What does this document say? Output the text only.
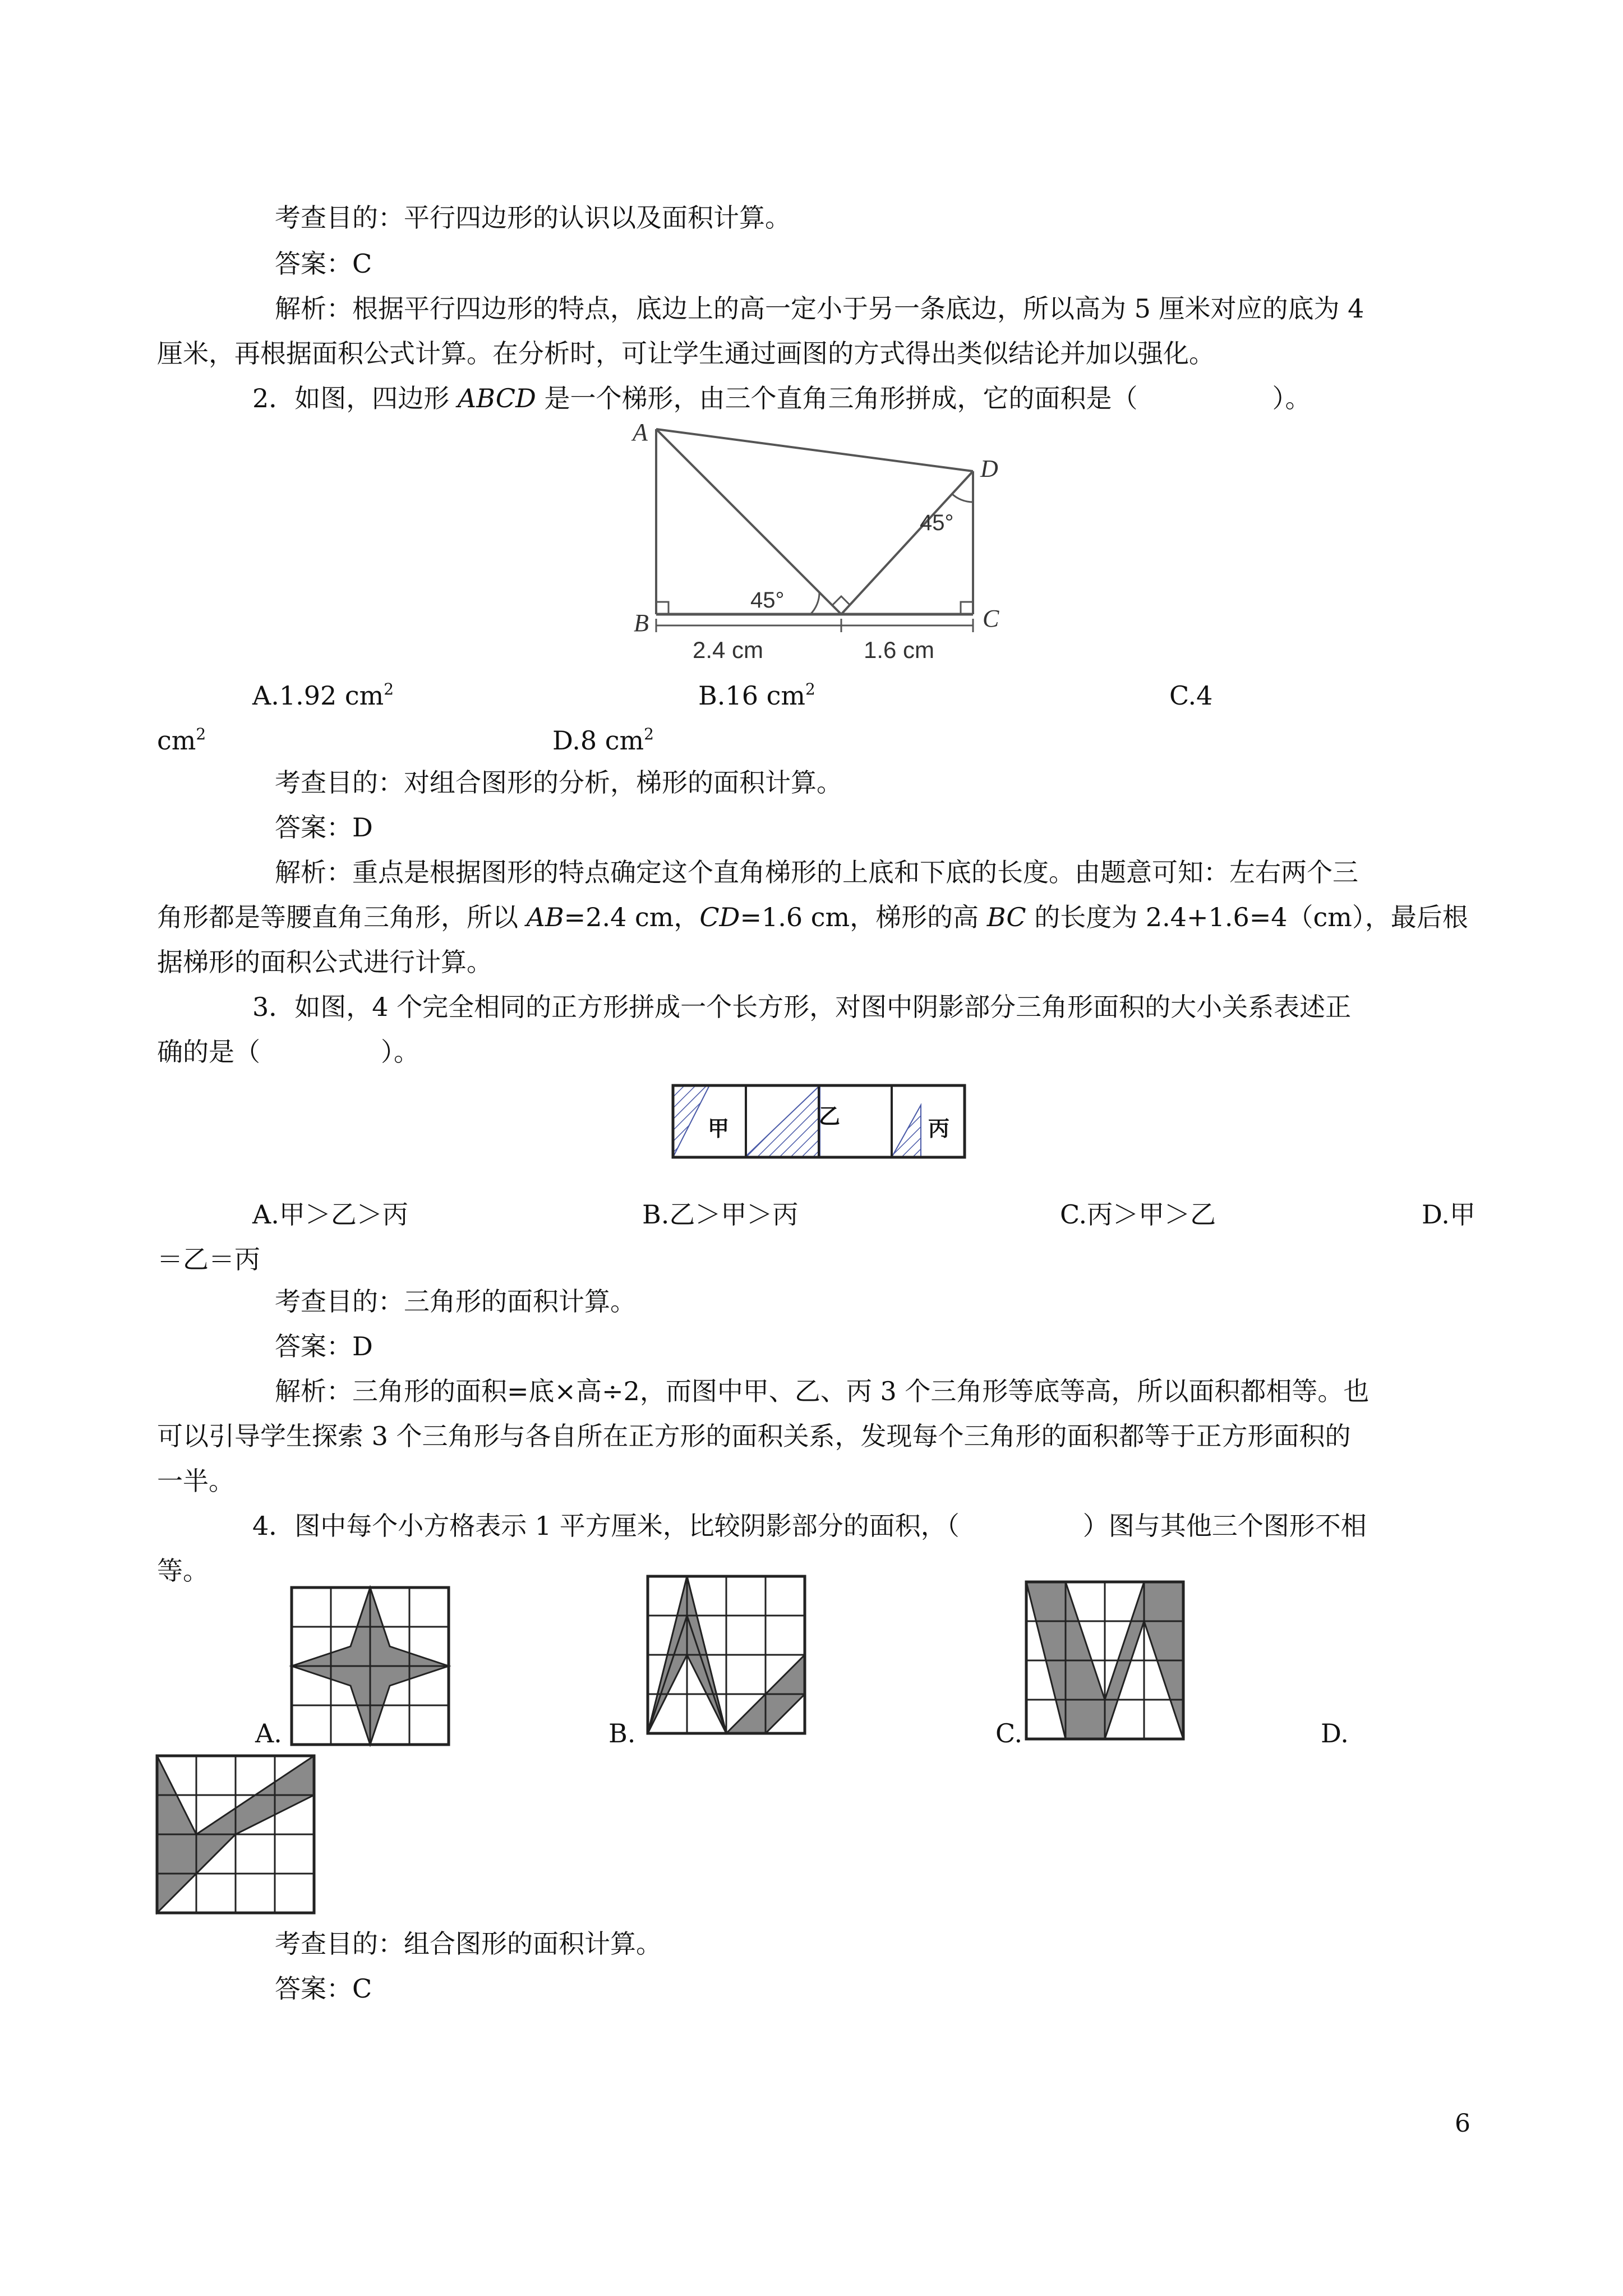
考查目的：平行四边形的认识以及面积计算。
答案：C
解析：根据平行四边形的特点，底边上的高一定小于另一条底边，所以高为 5 厘米对应的底为 4
厘米，再根据面积公式计算。在分析时，可让学生通过画图的方式得出类似结论并加以强化。
2．如图，四边形 ABCD 是一个梯形，由三个直角三角形拼成，它的面积是（	）。
A
B	C
D
45°
45°
2.4 cm	1.6 cm
A.1.92 $cm^2$	B.16 $cm^2$	C.4
$cm^2$	D.8 $cm^2$
考查目的：对组合图形的分析，梯形的面积计算。
答案：D
解析：重点是根据图形的特点确定这个直角梯形的上底和下底的长度。由题意可知：左右两个三
角形都是等腰直角三角形，所以 AB=2.4 cm，CD=1.6 cm，梯形的高 BC 的长度为 2.4+1.6=4（cm），最后根
据梯形的面积公式进行计算。
3．如图，4 个完全相同的正方形拼成一个长方形，对图中阴影部分三角形面积的大小关系表述正
确的是（	）。
甲	乙	丙
A.甲＞乙＞丙	B.乙＞甲＞丙	C.丙＞甲＞乙	D.甲
＝乙＝丙
考查目的：三角形的面积计算。
答案：D
解析：三角形的面积=底×高÷2，而图中甲、乙、丙 3 个三角形等底等高，所以面积都相等。也
可以引导学生探索 3 个三角形与各自所在正方形的面积关系，发现每个三角形的面积都等于正方形面积的
一半。
4．图中每个小方格表示 1 平方厘米，比较阴影部分的面积，（	）图与其他三个图形不相
等。
A.	B.	C.	D.
考查目的：组合图形的面积计算。
答案：C
6
